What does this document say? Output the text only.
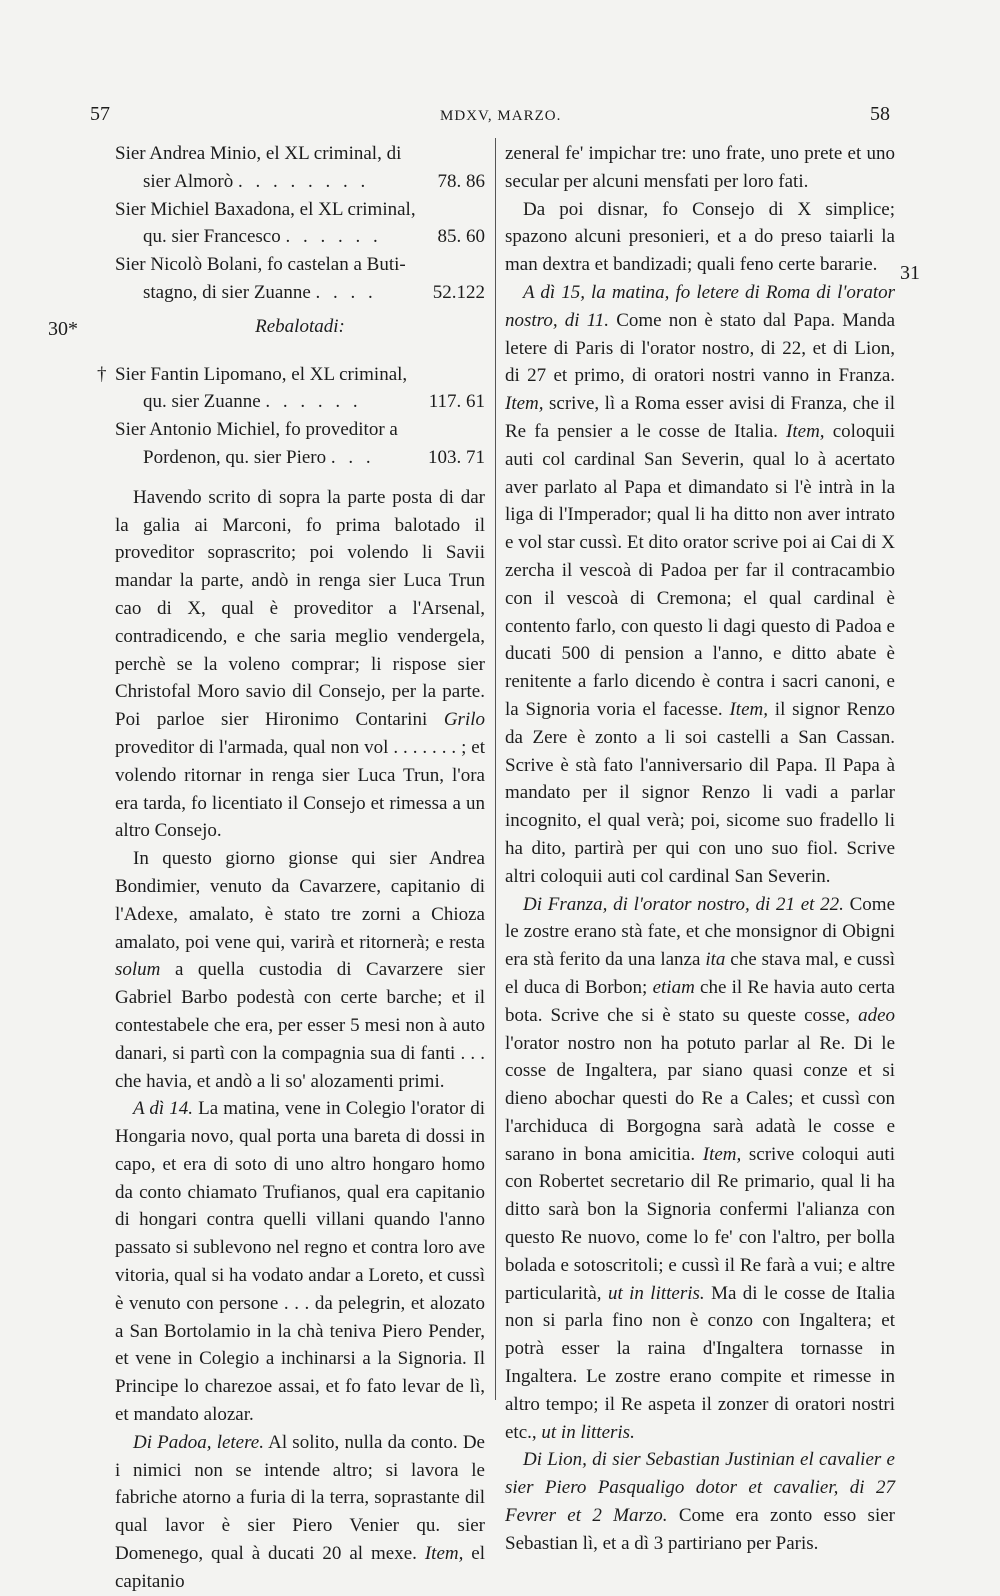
57	MDXV, MARZO.	58
30*
31
Sier Andrea Minio, el XL criminal, di
sier Almorò . . . . . . . .	78. 86
Sier Michiel Baxadona, el XL criminal,
qu. sier Francesco . . . . . .	85. 60
Sier Nicolò Bolani, fo castelan a Buti-
stagno, di sier Zuanne . . . .	52.122
Rebalotadi:
† Sier Fantin Lipomano, el XL criminal,
qu. sier Zuanne . . . . . .	117. 61
Sier Antonio Michiel, fo proveditor a
Pordenon, qu. sier Piero . . .	103. 71

Havendo scrito di sopra la parte posta di dar la galia ai Marconi, fo prima balotado il proveditor soprascrito; poi volendo li Savii mandar la parte, andò in renga sier Luca Trun cao di X, qual è proveditor a l'Arsenal, contradicendo, e che saria meglio vendergela, perchè se la voleno comprar; li rispose sier Christofal Moro savio dil Consejo, per la parte. Poi parloe sier Hironimo Contarini Grilo proveditor di l'armada, qual non vol . . . . . . . ; et volendo ritornar in renga sier Luca Trun, l'ora era tarda, fo licentiato il Consejo et rimessa a un altro Consejo.

In questo giorno gionse qui sier Andrea Bondimier, venuto da Cavarzere, capitanio di l'Adexe, amalato, è stato tre zorni a Chioza amalato, poi vene qui, varirà et ritornerà; e resta solum a quella custodia di Cavarzere sier Gabriel Barbo podestà con certe barche; et il contestabele che era, per esser 5 mesi non à auto danari, si partì con la compagnia sua di fanti . . . che havia, et andò a li so' alozamenti primi.

A dì 14. La matina, vene in Colegio l'orator di Hongaria novo, qual porta una bareta di dossi in capo, et era di soto di uno altro hongaro homo da conto chiamato Trufianos, qual era capitanio di hongari contra quelli villani quando l'anno passato si sublevono nel regno et contra loro ave vitoria, qual si ha vodato andar a Loreto, et cussì è venuto con persone . . . da pelegrin, et alozato a San Bortolamio in la chà teniva Piero Pender, et vene in Colegio a inchinarsi a la Signoria. Il Principe lo charezoe assai, et fo fato levar de lì, et mandato alozar.

Di Padoa, letere. Al solito, nulla da conto. De i nimici non se intende altro; si lavora le fabriche atorno a furia di la terra, soprastante dil qual lavor è sier Piero Venier qu. sier Domenego, qual à ducati 20 al mexe. Item, el capitanio

zeneral fe' impichar tre: uno frate, uno prete et uno secular per alcuni mensfati per loro fati.

Da poi disnar, fo Consejo di X simplice; spazono alcuni presonieri, et a do preso taiarli la man dextra et bandizadi; quali feno certe bararie.

A dì 15, la matina, fo letere di Roma di l'orator nostro, di 11. Come non è stato dal Papa. Manda letere di Paris di l'orator nostro, di 22, et di Lion, di 27 et primo, di oratori nostri vanno in Franza. Item, scrive, lì a Roma esser avisi di Franza, che il Re fa pensier a le cosse de Italia. Item, coloquii auti col cardinal San Severin, qual lo à acertato aver parlato al Papa et dimandato si l'è intrà in la liga di l'Imperador; qual li ha ditto non aver intrato e vol star cussì. Et dito orator scrive poi ai Cai di X zercha il vescoà di Padoa per far il contracambio con il vescoà di Cremona; el qual cardinal è contento farlo, con questo li dagi questo di Padoa e ducati 500 di pension a l'anno, e ditto abate è renitente a farlo dicendo è contra i sacri canoni, e la Signoria voria el facesse. Item, il signor Renzo da Zere è zonto a li soi castelli a San Cassan. Scrive è stà fato l'anniversario dil Papa. Il Papa à mandato per il signor Renzo li vadi a parlar incognito, el qual verà; poi, sicome suo fradello li ha dito, partirà per qui con uno suo fiol. Scrive altri coloquii auti col cardinal San Severin.

Di Franza, di l'orator nostro, di 21 et 22. Come le zostre erano stà fate, et che monsignor di Obigni era stà ferito da una lanza ita che stava mal, e cussì el duca di Borbon; etiam che il Re havia auto certa bota. Scrive che si è stato su queste cosse, adeo l'orator nostro non ha potuto parlar al Re. Di le cosse de Ingaltera, par siano quasi conze et si dieno abochar questi do Re a Cales; et cussì con l'archiduca di Borgogna sarà adatà le cosse e sarano in bona amicitia. Item, scrive coloqui auti con Robertet secretario dil Re primario, qual li ha ditto sarà bon la Signoria confermi l'alianza con questo Re nuovo, come lo fe' con l'altro, per bolla bolada e sotoscritoli; e cussì il Re farà a vui; e altre particularità, ut in litteris. Ma di le cosse de Italia non si parla fino non è conzo con Ingaltera; et potrà esser la raina d'Ingaltera tornasse in Ingaltera. Le zostre erano compite et rimesse in altro tempo; il Re aspeta il zonzer di oratori nostri etc., ut in litteris.

Di Lion, di sier Sebastian Justinian el cavalier e sier Piero Pasqualigo dotor et cavalier, di 27 Fevrer et 2 Marzo. Come era zonto esso sier Sebastian lì, et a dì 3 partiriano per Paris.
